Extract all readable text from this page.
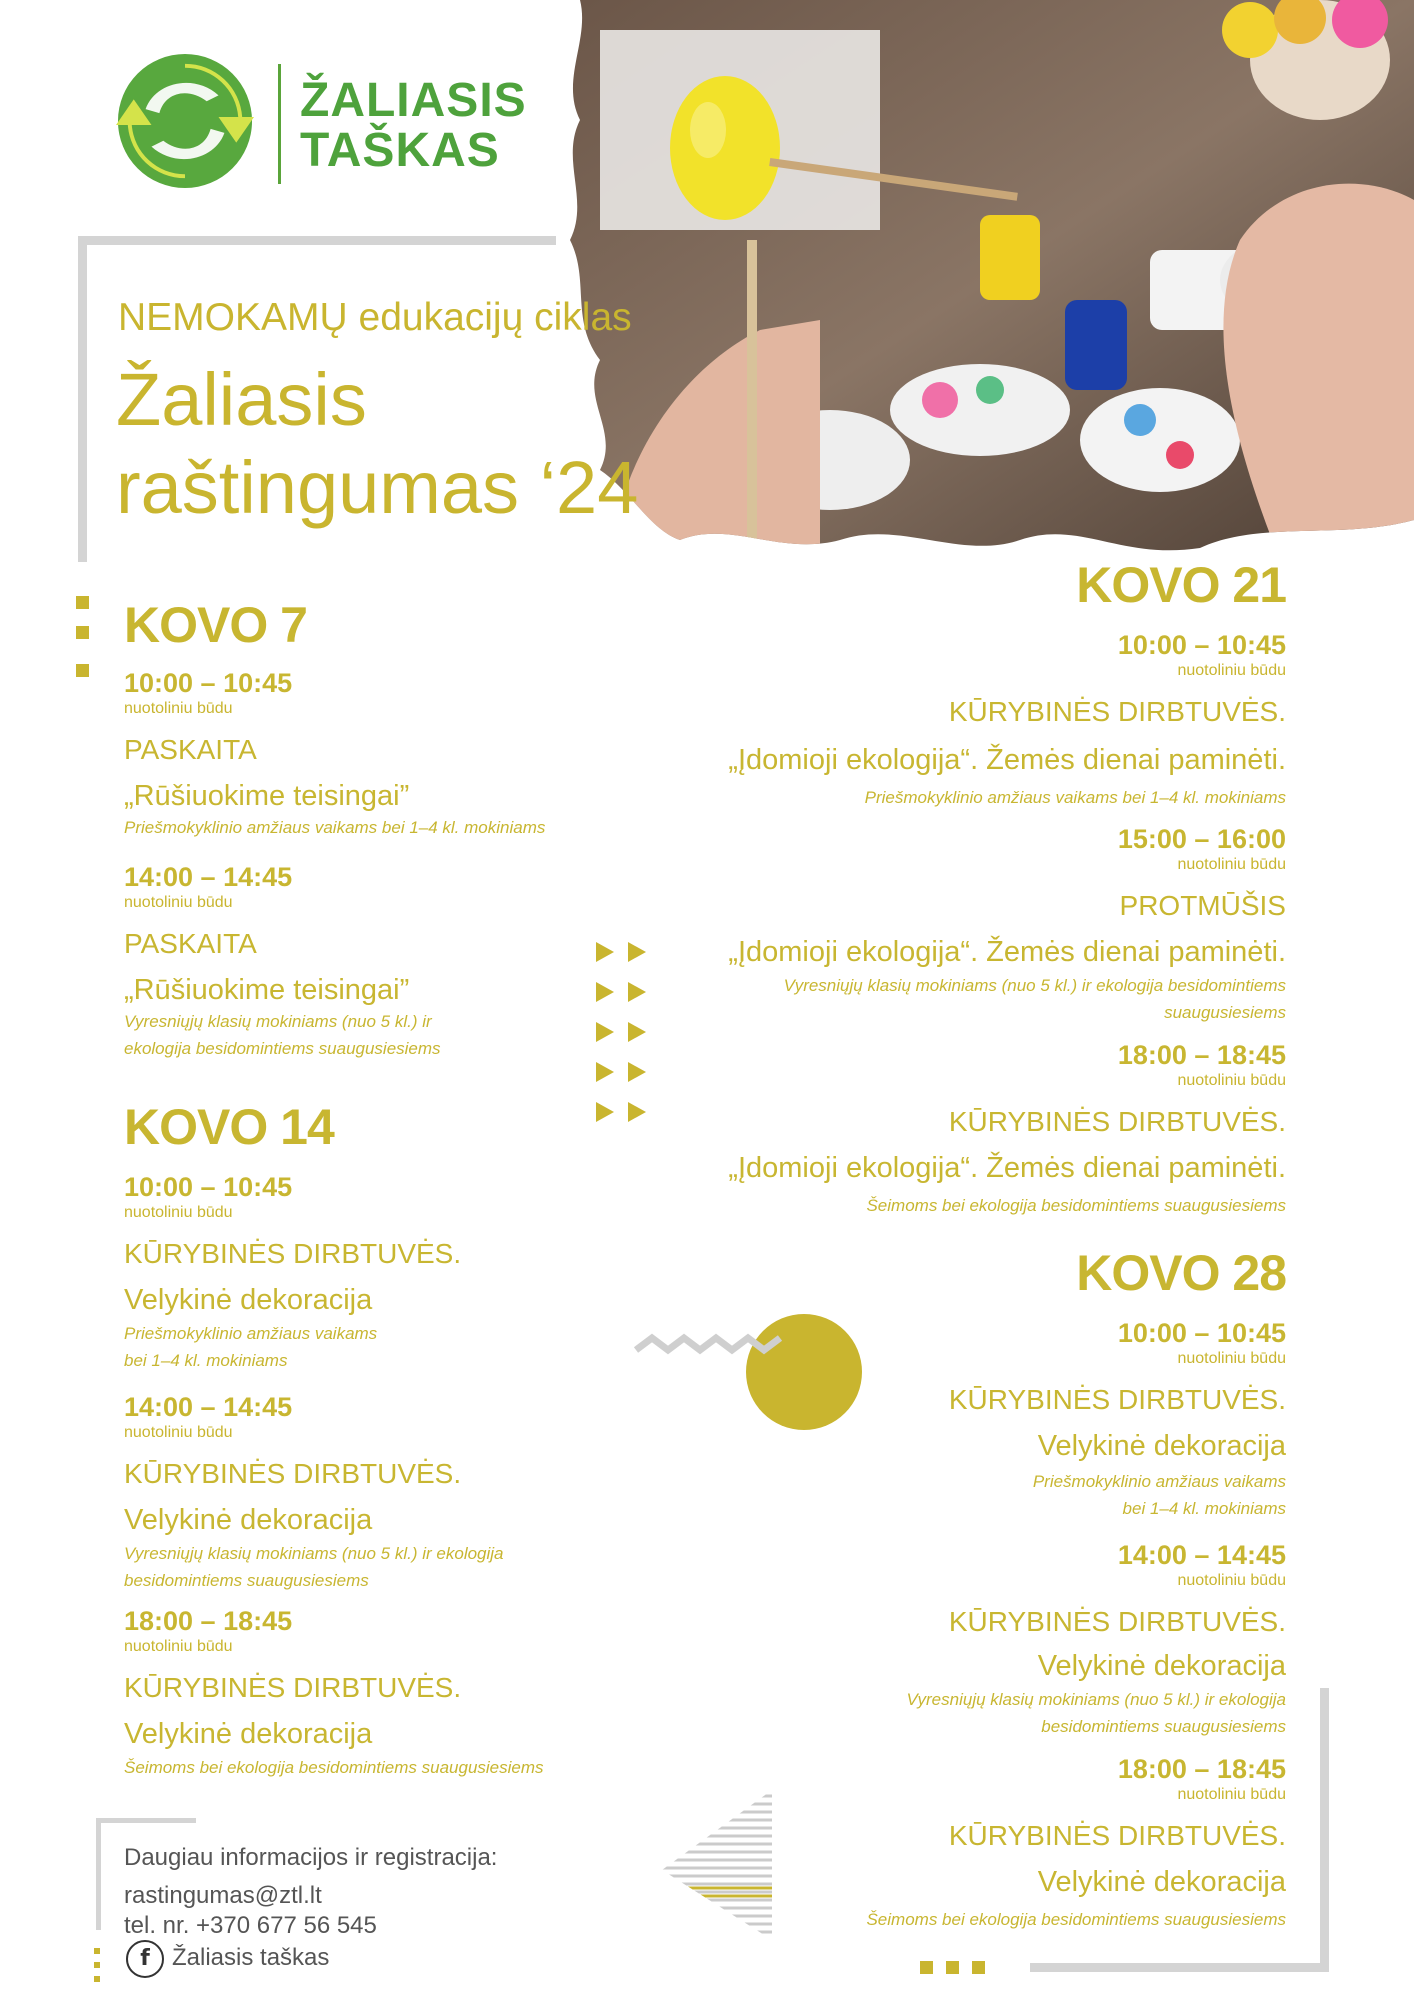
ŽALIASIS
TAŠKAS
NEMOKAMŲ edukacijų ciklas
Žaliasis
raštingumas ‘24
KOVO 7
10:00 – 10:45
nuotoliniu būdu
PASKAITA
„Rūšiuokime teisingai”
Priešmokyklinio amžiaus vaikams bei 1–4 kl. mokiniams
14:00 – 14:45
nuotoliniu būdu
PASKAITA
„Rūšiuokime teisingai”
Vyresniųjų klasių mokiniams (nuo 5 kl.) ir
ekologija besidomintiems suaugusiesiems
KOVO 14
10:00 – 10:45
nuotoliniu būdu
KŪRYBINĖS DIRBTUVĖS.
Velykinė dekoracija
Priešmokyklinio amžiaus vaikams
bei 1–4 kl. mokiniams
14:00 – 14:45
nuotoliniu būdu
KŪRYBINĖS DIRBTUVĖS.
Velykinė dekoracija
Vyresniųjų klasių mokiniams (nuo 5 kl.) ir ekologija
besidomintiems suaugusiesiems
18:00 – 18:45
nuotoliniu būdu
KŪRYBINĖS DIRBTUVĖS.
Velykinė dekoracija
Šeimoms bei ekologija besidomintiems suaugusiesiems
KOVO 21
10:00 – 10:45
nuotoliniu būdu
KŪRYBINĖS DIRBTUVĖS.
„Įdomioji ekologija“. Žemės dienai paminėti.
Priešmokyklinio amžiaus vaikams bei 1–4 kl. mokiniams
15:00 – 16:00
nuotoliniu būdu
PROTMŪŠIS
„Įdomioji ekologija“. Žemės dienai paminėti.
Vyresniųjų klasių mokiniams (nuo 5 kl.) ir ekologija besidomintiems
suaugusiesiems
18:00 – 18:45
nuotoliniu būdu
KŪRYBINĖS DIRBTUVĖS.
„Įdomioji ekologija“. Žemės dienai paminėti.
Šeimoms bei ekologija besidomintiems suaugusiesiems
KOVO 28
10:00 – 10:45
nuotoliniu būdu
KŪRYBINĖS DIRBTUVĖS.
Velykinė dekoracija
Priešmokyklinio amžiaus vaikams
bei 1–4 kl. mokiniams
14:00 – 14:45
nuotoliniu būdu
KŪRYBINĖS DIRBTUVĖS.
Velykinė dekoracija
Vyresniųjų klasių mokiniams (nuo 5 kl.) ir ekologija
besidomintiems suaugusiesiems
18:00 – 18:45
nuotoliniu būdu
KŪRYBINĖS DIRBTUVĖS.
Velykinė dekoracija
Šeimoms bei ekologija besidomintiems suaugusiesiems
Daugiau informacijos ir registracija:
rastingumas@ztl.lt
tel. nr. +370 677 56 545
f Žaliasis taškas
